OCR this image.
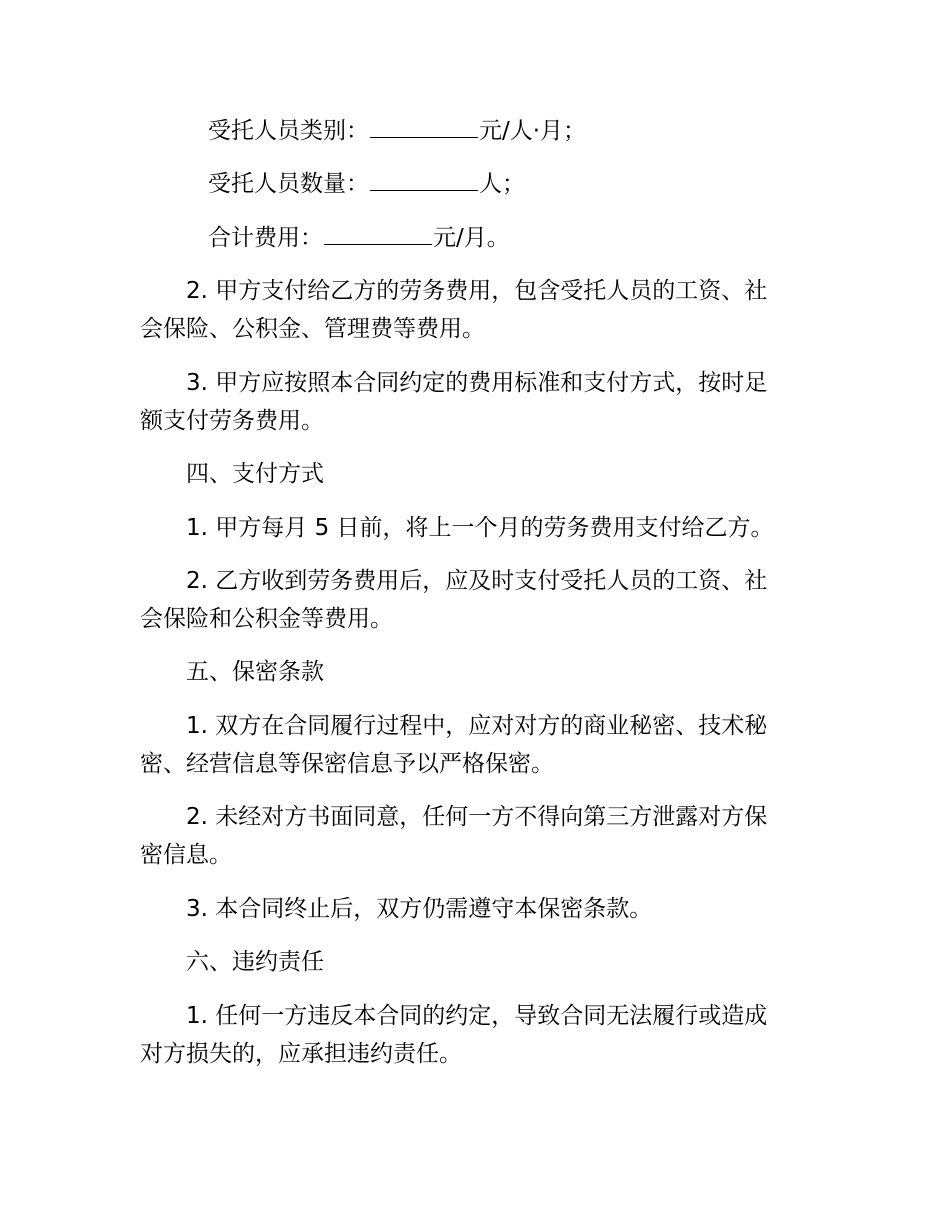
受托人员类别：	元/人·月；

受托人员数量：	人；

合计费用：	元/月。

2. 甲方支付给乙方的劳务费用，包含受托人员的工资、社

会保险、公积金、管理费等费用。

3. 甲方应按照本合同约定的费用标准和支付方式，按时足

额支付劳务费用。

四、支付方式

1. 甲方每月 5 日前，将上一个月的劳务费用支付给乙方。

2. 乙方收到劳务费用后，应及时支付受托人员的工资、社

会保险和公积金等费用。

五、保密条款

1. 双方在合同履行过程中，应对对方的商业秘密、技术秘

密、经营信息等保密信息予以严格保密。

2. 未经对方书面同意，任何一方不得向第三方泄露对方保

密信息。

3. 本合同终止后，双方仍需遵守本保密条款。

六、违约责任

1. 任何一方违反本合同的约定，导致合同无法履行或造成

对方损失的，应承担违约责任。
